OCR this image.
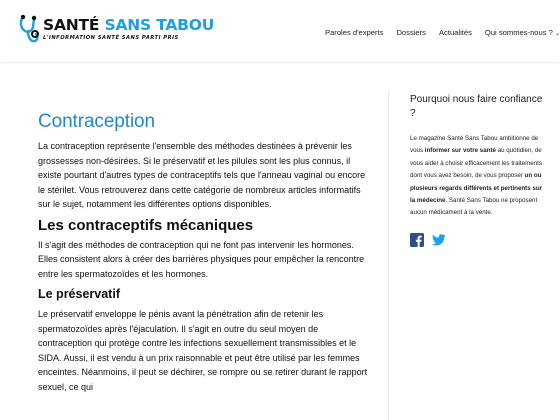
SANTÉ SANS TABOU
L'INFORMATION SANTÉ SANS PARTI PRIS
Paroles d'experts Dossiers Actualités Qui sommes-nous ? ⌄
Contraception

La contraception représente l'ensemble des méthodes destinées à prévenir les grossesses non-désirées. Si le préservatif et les pilules sont les plus connus, il existe pourtant d'autres types de contraceptifs tels que l'anneau vaginal ou encore le stérilet. Vous retrouverez dans cette catégorie de nombreux articles informatifs sur le sujet, notamment les différentes options disponibles.

Les contraceptifs mécaniques

Il s'agit des méthodes de contraception qui ne font pas intervenir les hormones. Elles consistent alors à créer des barrières physiques pour empêcher la rencontre entre les spermatozoïdes et les hormones.

Le préservatif

Le préservatif enveloppe le pénis avant la pénétration afin de retenir les spermatozoïdes après l'éjaculation. Il s'agit en outre du seul moyen de contraception qui protège contre les infections sexuellement transmissibles et le SIDA. Aussi, il est vendu à un prix raisonnable et peut être utilisé par les femmes enceintes. Néanmoins, il peut se déchirer, se rompre ou se retirer durant le rapport sexuel, ce qui

Pourquoi nous faire confiance ?

Le magazine Santé Sans Tabou ambitionne de vous informer sur votre santé au quotidien, de vous aider à choisir efficacement les traitements dont vous avez besoin, de vous proposer un ou plusieurs regards différents et pertinents sur la médecine. Santé Sans Tabou ne proposent aucun médicament à la vente.
